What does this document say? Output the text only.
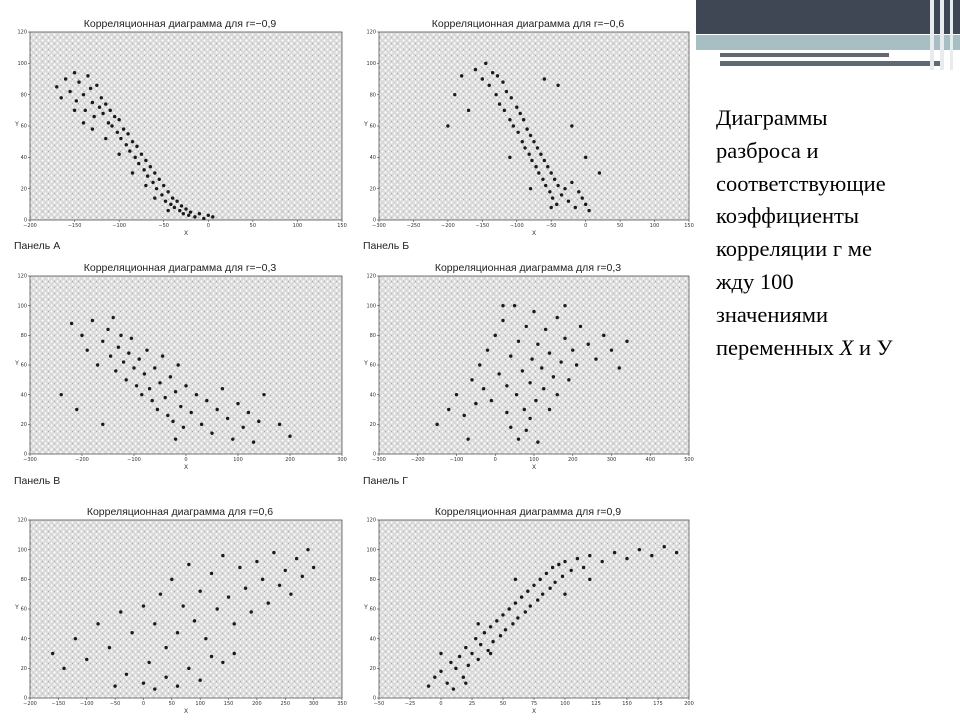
Диаграммы
разброса и
соответствующие
коэффициенты
корреляции г ме
жду 100
значениями
переменных X и У
Корреляционная диаграмма для r=−0,9
Панель А
0
20
40
60
80
100
120
−200	−150	−100	−50	0	50	100	150
X
Y
Корреляционная диаграмма для r=−0,6
Панель Б
0
20
40
60
80
100
120
−300	−250	−200	−150	−100	−50	0	50	100	150
X
Y
Корреляционная диаграмма для r=−0,3
Панель В
0
20
40
60
80
100
120
−300	−200	−100	0	100	200	300
X
Y
Корреляционная диаграмма для r=0,3
Панель Г
0
20
40
60
80
100
120
−300	−200	−100	0	100	200	300	400	500
X
Y
Корреляционная диаграмма для r=0,6
0
20
40
60
80
100
120
−200	−150	−100	−50	0	50	100	150	200	250	300	350
X
Y
Корреляционная диаграмма для r=0,9
0
20
40
60
80
100
120
−50	−25	0	25	50	75	100	125	150	175	200
X
Y
